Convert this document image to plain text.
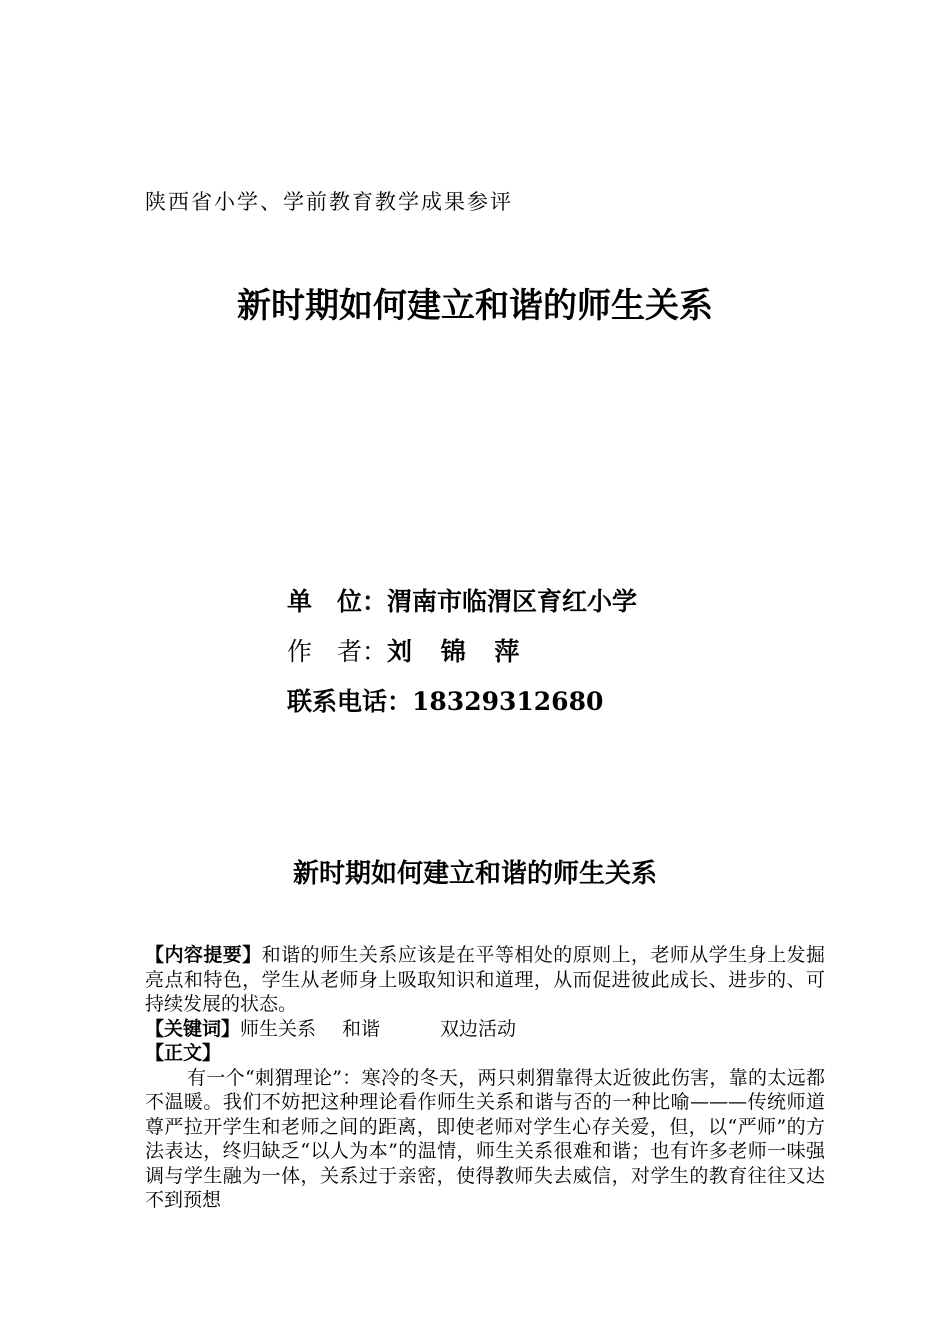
陕西省小学、学前教育教学成果参评
新时期如何建立和谐的师生关系
单　位：渭南市临渭区育红小学
作　者：刘 锦 萍
联系电话：18329312680
新时期如何建立和谐的师生关系

【内容提要】和谐的师生关系应该是在平等相处的原则上，老师从学生身上发掘亮点和特色，学生从老师身上吸取知识和道理，从而促进彼此成长、进步的、可持续发展的状态。

【关键词】师生关系 和谐	双边活动

【正文】

有一个“刺猬理论”：寒冷的冬天，两只刺猬靠得太近彼此伤害，靠的太远都不温暖。我们不妨把这种理论看作师生关系和谐与否的一种比喻———传统师道尊严拉开学生和老师之间的距离，即使老师对学生心存关爱，但，以“严师”的方法表达，终归缺乏“以人为本”的温情，师生关系很难和谐；也有许多老师一味强调与学生融为一体，关系过于亲密，使得教师失去威信，对学生的教育往往又达不到预想
